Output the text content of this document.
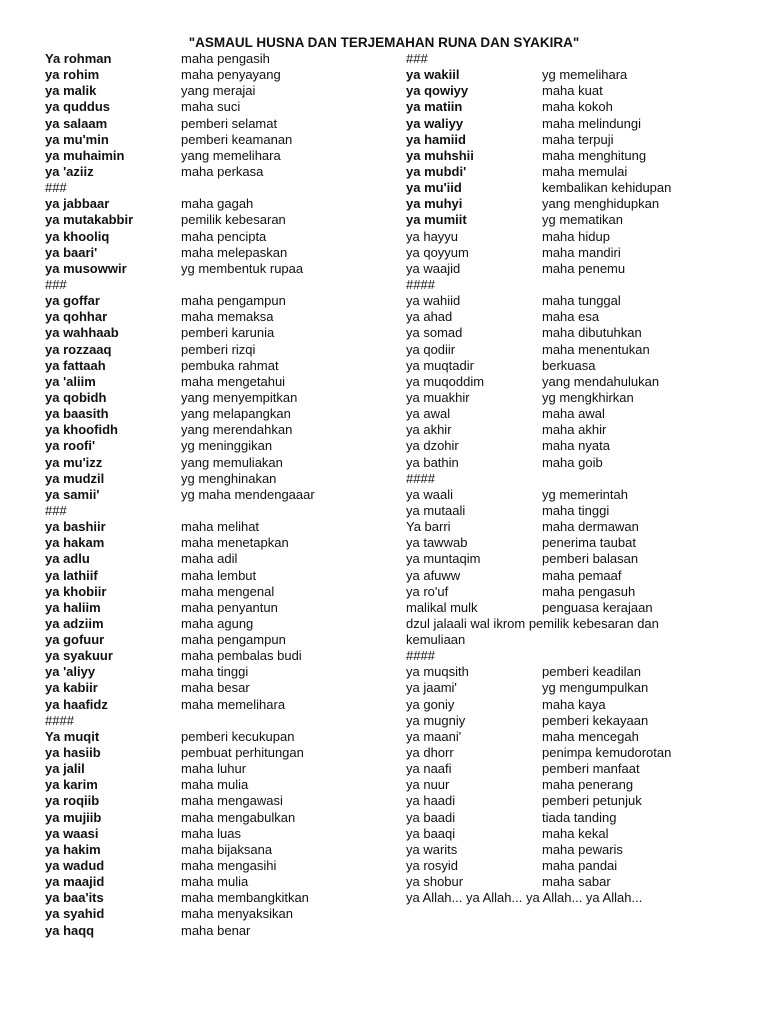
"ASMAUL HUSNA DAN TERJEMAHAN RUNA DAN SYAKIRA"
Ya rohman	maha pengasih
ya rohim	maha penyayang
ya malik	yang merajai
ya quddus	maha suci
ya salaam	pemberi selamat
ya mu'min	pemberi keamanan
ya muhaimin	yang memelihara
ya 'aziiz	maha perkasa
###
ya jabbaar	maha gagah
ya mutakabbir	pemilik kebesaran
ya khooliq	maha pencipta
ya baari'	maha melepaskan
ya musowwir	yg membentuk rupaa
###
ya goffar	maha pengampun
ya qohhar	maha memaksa
ya wahhaab	pemberi karunia
ya rozzaaq	pemberi rizqi
ya fattaah	pembuka rahmat
ya 'aliim	maha mengetahui
ya qobidh	yang menyempitkan
ya baasith	yang melapangkan
ya khoofidh	yang merendahkan
ya roofi'	yg meninggikan
ya mu'izz	yang memuliakan
ya mudzil	yg menghinakan
ya samii'	yg maha mendengaaar
###
ya bashiir	maha melihat
ya hakam	maha menetapkan
ya adlu	maha adil
ya lathiif	maha lembut
ya khobiir	maha mengenal
ya haliim	maha penyantun
ya adziim	maha agung
ya gofuur	maha pengampun
ya syakuur	maha pembalas budi
ya 'aliyy	maha tinggi
ya kabiir	maha besar
ya haafidz	maha memelihara
####
Ya muqit	pemberi kecukupan
ya hasiib	pembuat perhitungan
ya jalil	maha luhur
ya karim	maha mulia
ya roqiib	maha mengawasi
ya mujiib	maha mengabulkan
ya waasi	maha luas
ya hakim	maha bijaksana
ya wadud	maha mengasihi
ya maajid	maha mulia
ya baa'its	maha membangkitkan
ya syahid	maha menyaksikan
ya haqq	maha benar
###
ya wakiil	yg memelihara
ya qowiyy	maha kuat
ya matiin	maha kokoh
ya waliyy	maha melindungi
ya hamiid	maha terpuji
ya muhshii	maha menghitung
ya mubdi'	maha memulai
ya mu'iid	kembalikan kehidupan
ya muhyi	yang menghidupkan
ya mumiit	yg mematikan
ya hayyu	maha hidup
ya qoyyum	maha mandiri
ya waajid	maha penemu
####
ya wahiid	maha tunggal
ya ahad	maha esa
ya somad	maha dibutuhkan
ya qodiir	maha menentukan
ya muqtadir	berkuasa
ya muqoddim	yang mendahulukan
ya muakhir	yg mengkhirkan
ya awal	maha awal
ya akhir	maha akhir
ya dzohir	maha nyata
ya bathin	maha goib
####
ya waali	yg memerintah
ya mutaali	maha tinggi
Ya barri	maha dermawan
ya tawwab	penerima taubat
ya muntaqim	pemberi balasan
ya afuww	maha pemaaf
ya ro'uf	maha pengasuh
malikal mulk	penguasa kerajaan
dzul jalaali wal ikrom pemilik kebesaran dan
kemuliaan
####
ya muqsith	pemberi keadilan
ya jaami'	yg mengumpulkan
ya goniy	maha kaya
ya mugniy	pemberi kekayaan
ya maani'	maha mencegah
ya dhorr	penimpa kemudorotan
ya naafi	pemberi manfaat
ya nuur	maha penerang
ya haadi	pemberi petunjuk
ya baadi	tiada tanding
ya baaqi	maha kekal
ya warits	maha pewaris
ya rosyid	maha pandai
ya shobur	maha sabar
ya Allah... ya Allah... ya Allah... ya Allah...
